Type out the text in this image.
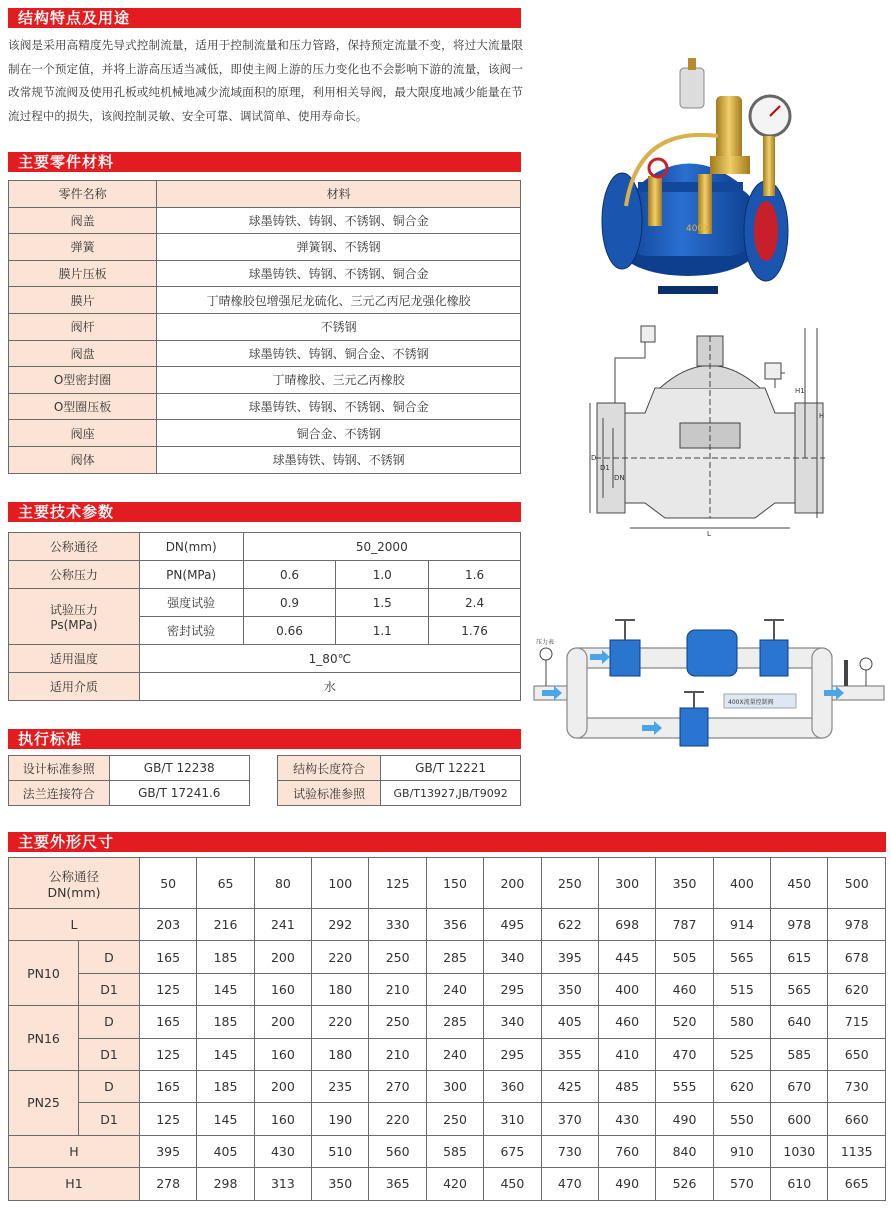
结构特点及用途
该阀是采用高精度先导式控制流量，适用于控制流量和压力管路，保持预定流量不变，将过大流量限制在一个预定值，并将上游高压适当减低，即使主阀上游的压力变化也不会影响下游的流量，该阀一改常规节流阀及使用孔板或纯机械地减少流域面积的原理，利用相关导阀，最大限度地减少能量在节流过程中的损失，该阀控制灵敏、安全可靠、调试简单、使用寿命长。
主要零件材料
零件名称	材料
阀盖	球墨铸铁、铸钢、不锈钢、铜合金
弹簧	弹簧钢、不锈钢
膜片压板	球墨铸铁、铸钢、不锈钢、铜合金
膜片	丁晴橡胶包增强尼龙硫化、三元乙丙尼龙强化橡胶
阀杆	不锈钢
阀盘	球墨铸铁、铸钢、铜合金、不锈钢
O型密封圈	丁晴橡胶、三元乙丙橡胶
O型圈压板	球墨铸铁、铸钢、不锈钢、铜合金
阀座	铜合金、不锈钢
阀体	球墨铸铁、铸钢、不锈钢
主要技术参数
公称通径	DN(mm)	50_2000		
公称压力	PN(MPa)	0.6	1.0	1.6

试验压力
Ps(MPa)	强度试验	0.9	1.5	2.4
	密封试验	0.66	1.1	1.76
适用温度	1_80℃			
适用介质	水			
执行标准
设计标准参照	GB/T 12238
法兰连接符合	GB/T 17241.6
结构长度符合	GB/T 12221
试验标准参照	GB/T13927,JB/T9092
主要外形尺寸
公称通径
DN(mm)		50	65	80	100	125	150	200	250	300	350	400	450	500
L		203	216	241	292	330	356	495	622	698	787	914	978	978
PN10	D	165	185	200	220	250	285	340	395	445	505	565	615	678
	D1	125	145	160	180	210	240	295	350	400	460	515	565	620
PN16	D	165	185	200	220	250	285	340	405	460	520	580	640	715
	D1	125	145	160	180	210	240	295	355	410	470	525	585	650
PN25	D	165	185	200	235	270	300	360	425	485	555	620	670	730
	D1	125	145	160	190	220	250	310	370	430	490	550	600	660
H		395	405	430	510	560	585	675	730	760	840	910	1030	1135
H1		278	298	313	350	365	420	450	470	490	526	570	610	665
400X
H1
H
D
D1
DN
L
压力表
400X流量控制阀
